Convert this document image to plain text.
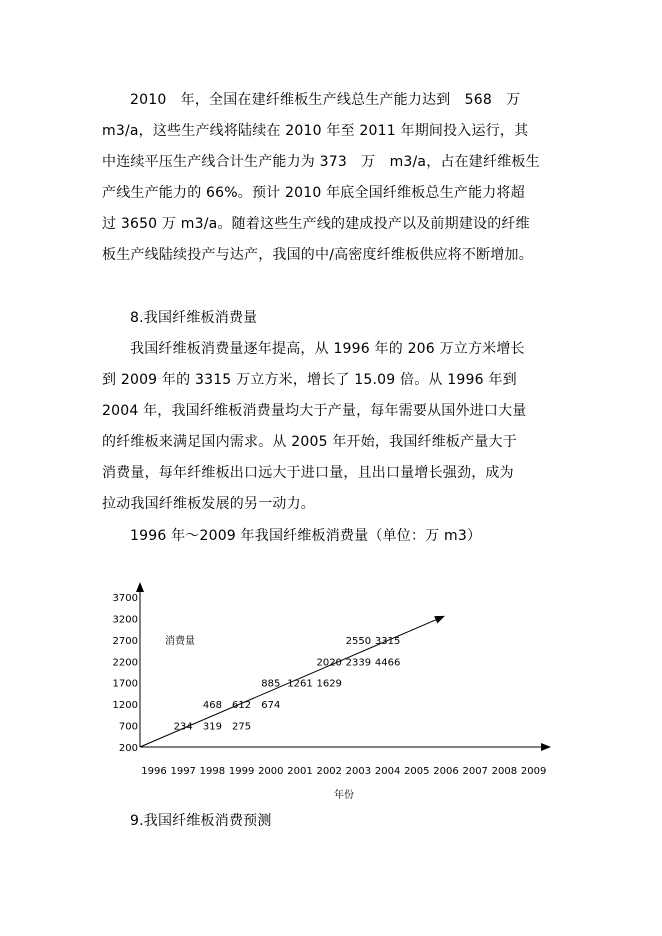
2010　年，全国在建纤维板生产线总生产能力达到　568　万
m3/a，这些生产线将陆续在 2010 年至 2011 年期间投入运行，其
中连续平压生产线合计生产能力为 373　万　m3/a，占在建纤维板生
产线生产能力的 66%。预计 2010 年底全国纤维板总生产能力将超
过 3650 万 m3/a。随着这些生产线的建成投产以及前期建设的纤维
板生产线陆续投产与达产，我国的中/高密度纤维板供应将不断增加。
8.我国纤维板消费量
我国纤维板消费量逐年提高，从 1996 年的 206 万立方米增长
到 2009 年的 3315 万立方米，增长了 15.09 倍。从 1996 年到
2004 年，我国纤维板消费量均大于产量，每年需要从国外进口大量
的纤维板来满足国内需求。从 2005 年开始，我国纤维板产量大于
消费量，每年纤维板出口远大于进口量，且出口量增长强劲，成为
拉动我国纤维板发展的另一动力。
1996 年～2009 年我国纤维板消费量（单位：万 m3）
200
700
1200
1700
2200
2700
3200
3700
1996 1997 1998 1999 2000 2001 2002 2003 2004 2005 2006 2007 2008 2009
年份
消费量
234 319 275
468 612 674
885 1261 1629
2020 2339 4466
2550 3315
9.我国纤维板消费预测
